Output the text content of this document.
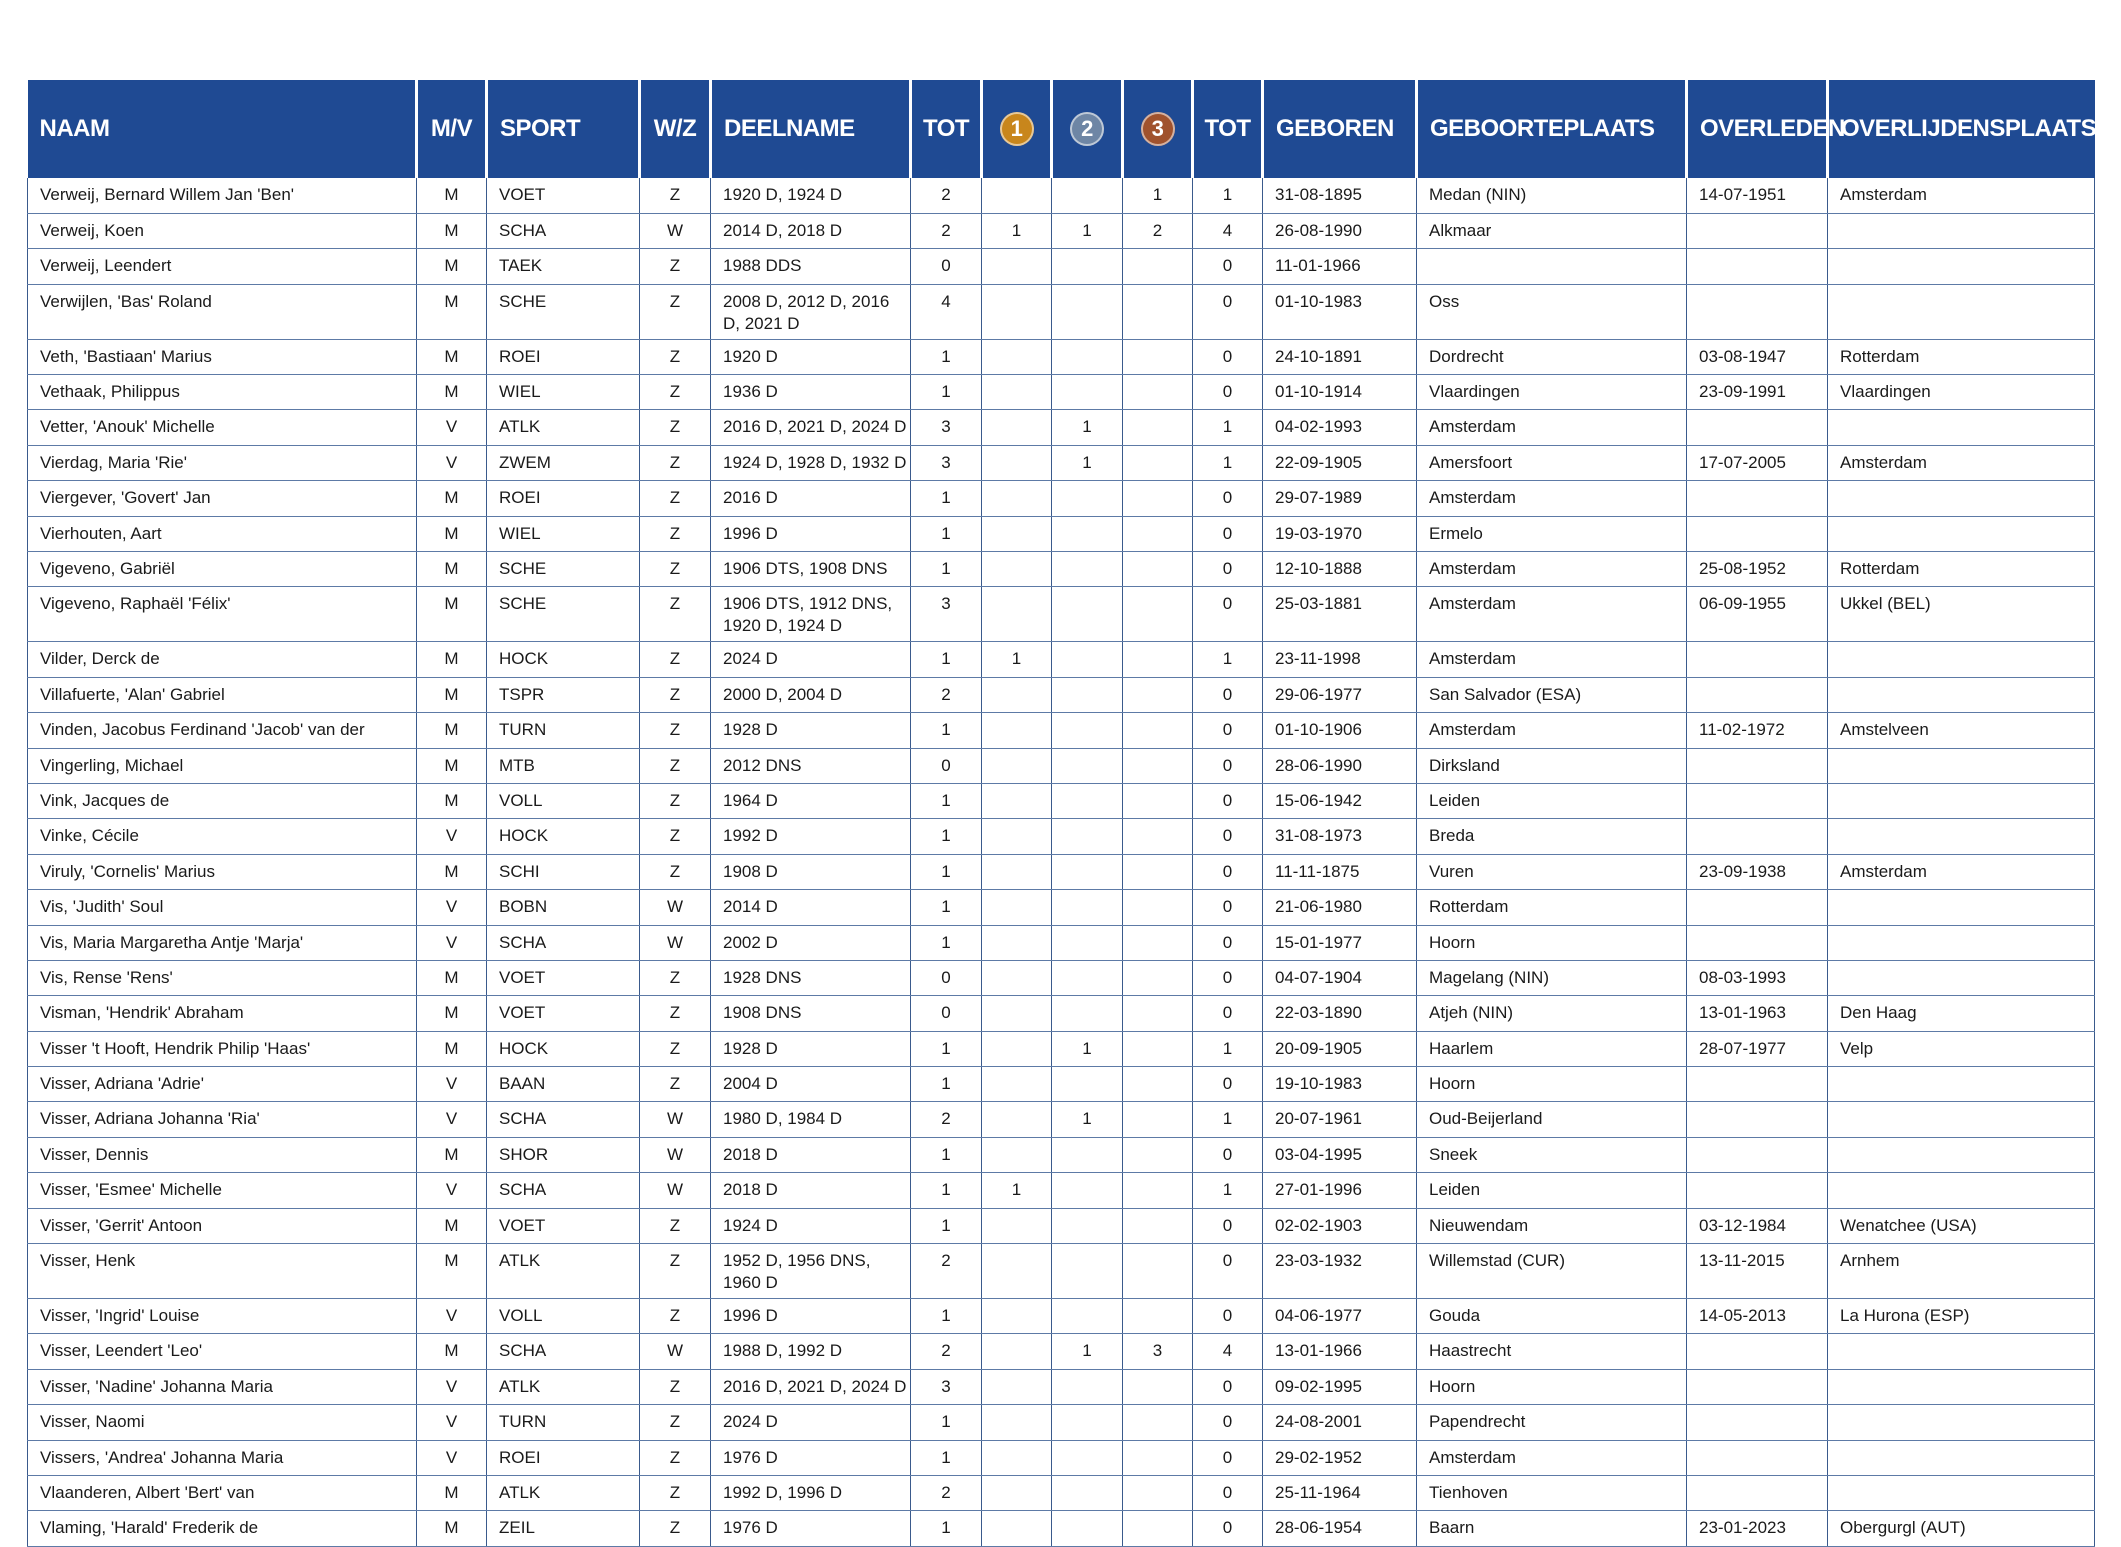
NAAM	M/V	SPORT	W/Z	DEELNAME	TOT	1	2	3	TOT	GEBOREN	GEBOORTEPLAATS	OVERLEDEN	OVERLIJDENSPLAATS
Verweij, Bernard Willem Jan 'Ben'	M	VOET	Z	1920 D, 1924 D	2			1	1	31-08-1895	Medan (NIN)	14-07-1951	Amsterdam
Verweij, Koen	M	SCHA	W	2014 D, 2018 D	2	1	1	2	4	26-08-1990	Alkmaar		
Verweij, Leendert	M	TAEK	Z	1988 DDS	0				0	11-01-1966			
Verwijlen, 'Bas' Roland	M	SCHE	Z	2008 D, 2012 D, 2016 D, 2021 D	4				0	01-10-1983	Oss		
Veth, 'Bastiaan' Marius	M	ROEI	Z	1920 D	1				0	24-10-1891	Dordrecht	03-08-1947	Rotterdam
Vethaak, Philippus	M	WIEL	Z	1936 D	1				0	01-10-1914	Vlaardingen	23-09-1991	Vlaardingen
Vetter, 'Anouk' Michelle	V	ATLK	Z	2016 D, 2021 D, 2024 D	3		1		1	04-02-1993	Amsterdam		
Vierdag, Maria 'Rie'	V	ZWEM	Z	1924 D, 1928 D, 1932 D	3		1		1	22-09-1905	Amersfoort	17-07-2005	Amsterdam
Viergever, 'Govert' Jan	M	ROEI	Z	2016 D	1				0	29-07-1989	Amsterdam		
Vierhouten, Aart	M	WIEL	Z	1996 D	1				0	19-03-1970	Ermelo		
Vigeveno, Gabriël	M	SCHE	Z	1906 DTS, 1908 DNS	1				0	12-10-1888	Amsterdam	25-08-1952	Rotterdam
Vigeveno, Raphaël 'Félix'	M	SCHE	Z	1906 DTS, 1912 DNS, 1920 D, 1924 D	3				0	25-03-1881	Amsterdam	06-09-1955	Ukkel (BEL)
Vilder, Derck de	M	HOCK	Z	2024 D	1	1			1	23-11-1998	Amsterdam		
Villafuerte, 'Alan' Gabriel	M	TSPR	Z	2000 D, 2004 D	2				0	29-06-1977	San Salvador (ESA)		
Vinden, Jacobus Ferdinand 'Jacob' van der	M	TURN	Z	1928 D	1				0	01-10-1906	Amsterdam	11-02-1972	Amstelveen
Vingerling, Michael	M	MTB	Z	2012 DNS	0				0	28-06-1990	Dirksland		
Vink, Jacques de	M	VOLL	Z	1964 D	1				0	15-06-1942	Leiden		
Vinke, Cécile	V	HOCK	Z	1992 D	1				0	31-08-1973	Breda		
Viruly, 'Cornelis' Marius	M	SCHI	Z	1908 D	1				0	11-11-1875	Vuren	23-09-1938	Amsterdam
Vis, 'Judith' Soul	V	BOBN	W	2014 D	1				0	21-06-1980	Rotterdam		
Vis, Maria Margaretha Antje 'Marja'	V	SCHA	W	2002 D	1				0	15-01-1977	Hoorn		
Vis, Rense 'Rens'	M	VOET	Z	1928 DNS	0				0	04-07-1904	Magelang (NIN)	08-03-1993	
Visman, 'Hendrik' Abraham	M	VOET	Z	1908 DNS	0				0	22-03-1890	Atjeh (NIN)	13-01-1963	Den Haag
Visser 't Hooft, Hendrik Philip 'Haas'	M	HOCK	Z	1928 D	1		1		1	20-09-1905	Haarlem	28-07-1977	Velp
Visser, Adriana 'Adrie'	V	BAAN	Z	2004 D	1				0	19-10-1983	Hoorn		
Visser, Adriana Johanna 'Ria'	V	SCHA	W	1980 D, 1984 D	2		1		1	20-07-1961	Oud-Beijerland		
Visser, Dennis	M	SHOR	W	2018 D	1				0	03-04-1995	Sneek		
Visser, 'Esmee' Michelle	V	SCHA	W	2018 D	1	1			1	27-01-1996	Leiden		
Visser, 'Gerrit' Antoon	M	VOET	Z	1924 D	1				0	02-02-1903	Nieuwendam	03-12-1984	Wenatchee (USA)
Visser, Henk	M	ATLK	Z	1952 D, 1956 DNS, 1960 D	2				0	23-03-1932	Willemstad (CUR)	13-11-2015	Arnhem
Visser, 'Ingrid' Louise	V	VOLL	Z	1996 D	1				0	04-06-1977	Gouda	14-05-2013	La Hurona (ESP)
Visser, Leendert 'Leo'	M	SCHA	W	1988 D, 1992 D	2		1	3	4	13-01-1966	Haastrecht		
Visser, 'Nadine' Johanna Maria	V	ATLK	Z	2016 D, 2021 D, 2024 D	3				0	09-02-1995	Hoorn		
Visser, Naomi	V	TURN	Z	2024 D	1				0	24-08-2001	Papendrecht		
Vissers, 'Andrea' Johanna Maria	V	ROEI	Z	1976 D	1				0	29-02-1952	Amsterdam		
Vlaanderen, Albert 'Bert' van	M	ATLK	Z	1992 D, 1996 D	2				0	25-11-1964	Tienhoven		
Vlaming, 'Harald' Frederik de	M	ZEIL	Z	1976 D	1				0	28-06-1954	Baarn	23-01-2023	Obergurgl (AUT)
